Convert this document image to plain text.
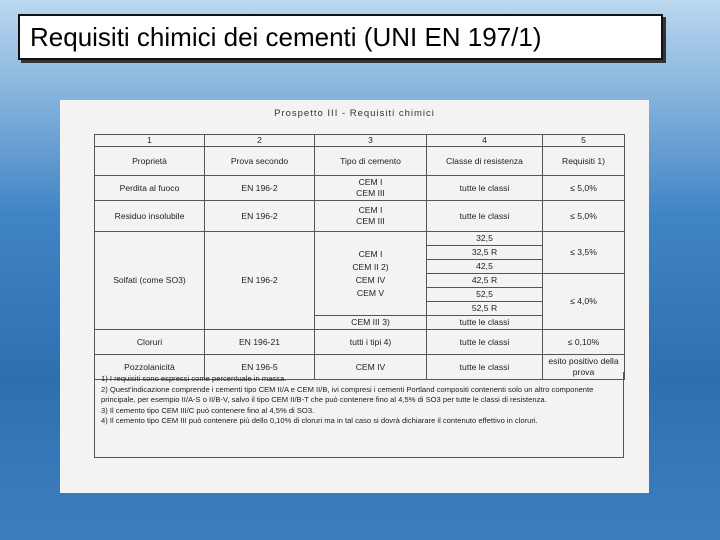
Requisiti chimici dei cementi (UNI EN 197/1)
Prospetto III - Requisiti chimici
1	2	3	4	5
Proprietà	Prova secondo	Tipo di cemento	Classe di resistenza	Requisiti 1)
Perdita al fuoco	EN 196-2	CEM I
CEM III	tutte le classi	≤ 5,0%
Residuo insolubile	EN 196-2	CEM I
CEM III	tutte le classi	≤ 5,0%
Solfati (come SO3)	EN 196-2	CEM I
CEM II 2)
CEM IV
CEM V	32,5	≤ 3,5%
			32,5 R	
			42,5	
			42,5 R	≤ 4,0%
			52,5	
			52,5 R	
		CEM III 3)	tutte le classi	
Cloruri	EN 196-21	tutti i tipi 4)	tutte le classi	≤ 0,10%
Pozzolanicità	EN 196-5	CEM IV	tutte le classi	esito positivo della prova
1) I requisiti sono espressi come percentuale in massa.
2) Quest'indicazione comprende i cementi tipo CEM II/A e CEM II/B, ivi compresi i cementi Portland compositi contenenti solo un altro componente principale, per esempio II/A-S o II/B-V, salvo il tipo CEM II/B-T che può contenere fino al 4,5% di SO3 per tutte le classi di resistenza.
3) Il cemento tipo CEM III/C può contenere fino al 4,5% di SO3.
4) Il cemento tipo CEM III può contenere più dello 0,10% di cloruri ma in tal caso si dovrà dichiarare il contenuto effettivo in cloruri.
